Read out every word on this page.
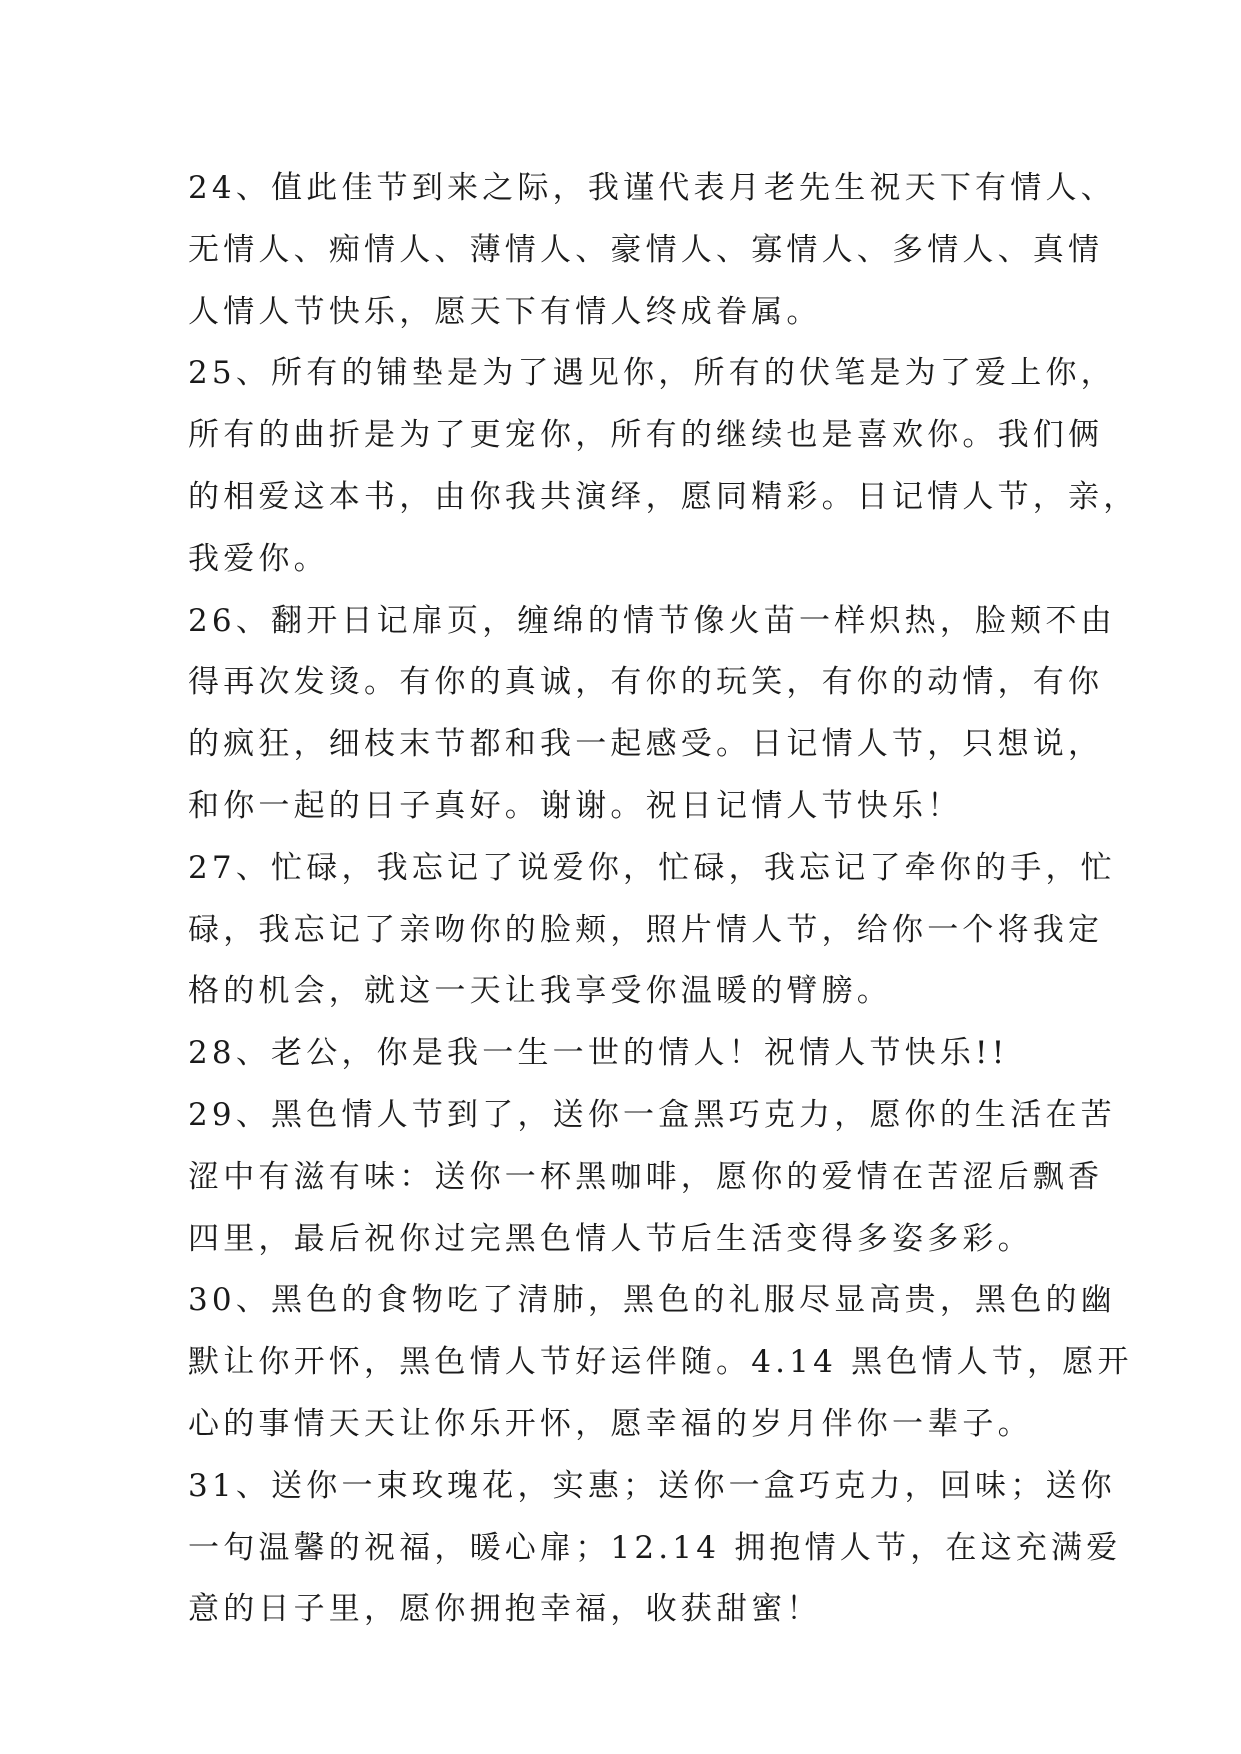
24、值此佳节到来之际，我谨代表月老先生祝天下有情人、
无情人、痴情人、薄情人、豪情人、寡情人、多情人、真情
人情人节快乐，愿天下有情人终成眷属。
25、所有的铺垫是为了遇见你，所有的伏笔是为了爱上你，
所有的曲折是为了更宠你，所有的继续也是喜欢你。我们俩
的相爱这本书，由你我共演绎，愿同精彩。日记情人节，亲，
我爱你。
26、翻开日记扉页，缠绵的情节像火苗一样炽热，脸颊不由
得再次发烫。有你的真诚，有你的玩笑，有你的动情，有你
的疯狂，细枝末节都和我一起感受。日记情人节，只想说，
和你一起的日子真好。谢谢。祝日记情人节快乐！
27、忙碌，我忘记了说爱你，忙碌，我忘记了牵你的手，忙
碌，我忘记了亲吻你的脸颊，照片情人节，给你一个将我定
格的机会，就这一天让我享受你温暖的臂膀。
28、老公，你是我一生一世的情人！祝情人节快乐!!
29、黑色情人节到了，送你一盒黑巧克力，愿你的生活在苦
涩中有滋有味：送你一杯黑咖啡，愿你的爱情在苦涩后飘香
四里，最后祝你过完黑色情人节后生活变得多姿多彩。
30、黑色的食物吃了清肺，黑色的礼服尽显高贵，黑色的幽
默让你开怀，黑色情人节好运伴随。4.14 黑色情人节，愿开
心的事情天天让你乐开怀，愿幸福的岁月伴你一辈子。
31、送你一束玫瑰花，实惠；送你一盒巧克力，回味；送你
一句温馨的祝福，暖心扉；12.14 拥抱情人节，在这充满爱
意的日子里，愿你拥抱幸福，收获甜蜜！
